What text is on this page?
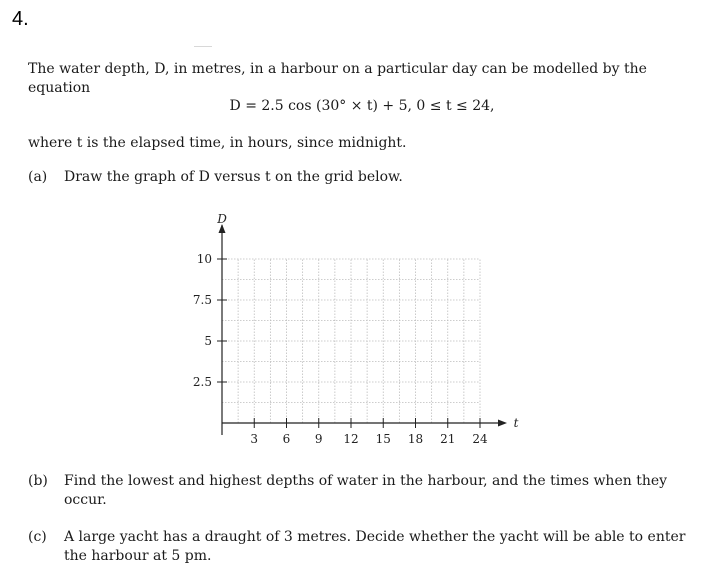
4.
The water depth, D, in metres, in a harbour on a particular day can be modelled by the equation
D = 2.5 cos (30° × t) + 5, 0 ≤ t ≤ 24,
where t is the elapsed time, in hours, since midnight.
(a) Draw the graph of D versus t on the grid below.
3 6 9 12 15 18 21 24
2.5
5
7.5
10
D
t
(b) Find the lowest and highest depths of water in the harbour, and the times when they occur.
(c) A large yacht has a draught of 3 metres. Decide whether the yacht will be able to enter the harbour at 5 pm.
